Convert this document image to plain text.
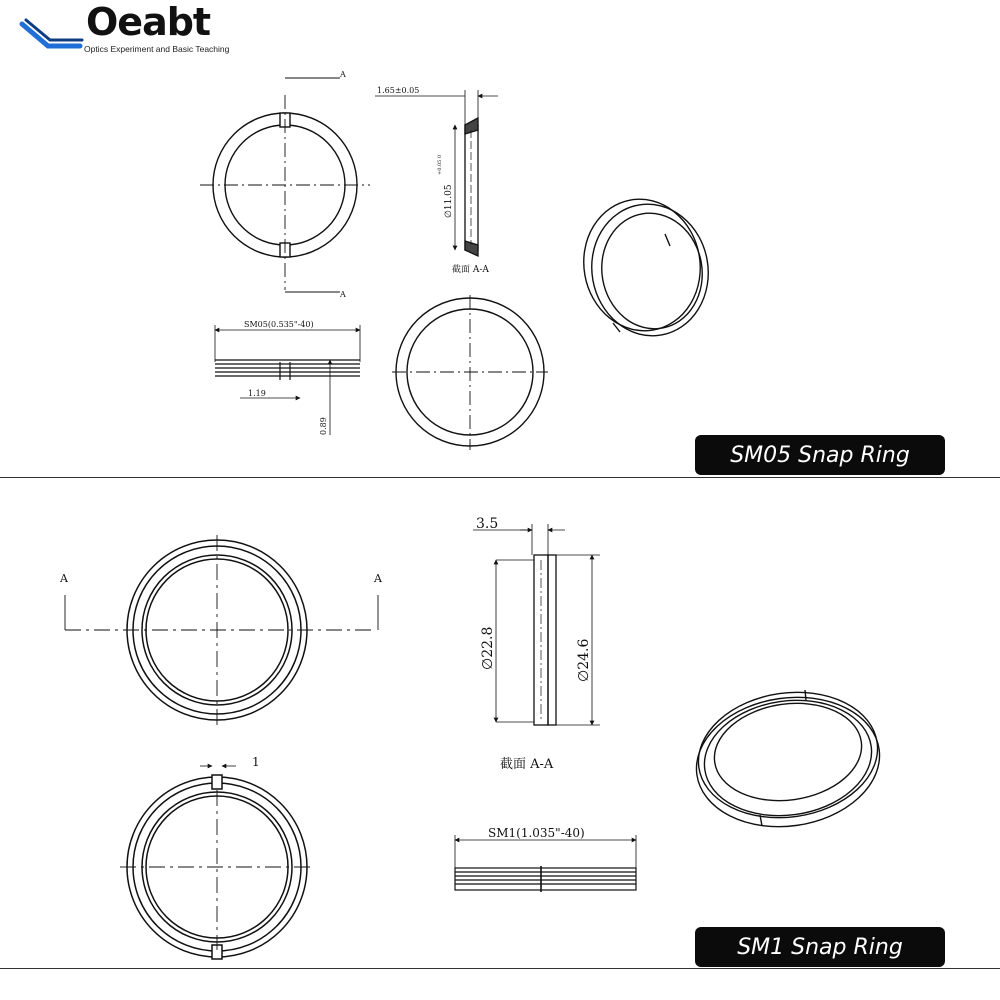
Oeabt
Optics Experiment and Basic Teaching
A
A
1.65±0.05
∅11.05
+0.05 0
截面 A-A
SM05(0.535"-40)
1.19
0.89
A	A
1
3.5
∅22.8	∅24.6
截面 A-A
SM1(1.035"-40)
SM05 Snap Ring
SM1 Snap Ring
